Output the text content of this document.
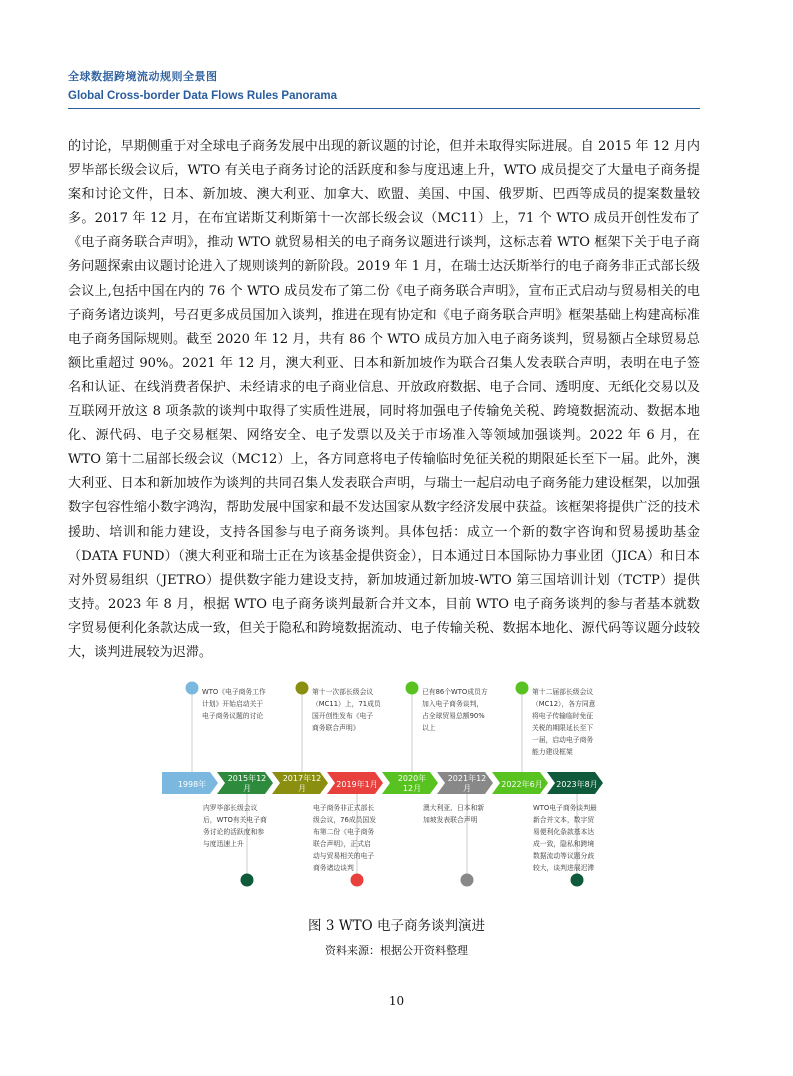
全球数据跨境流动规则全景图
Global Cross-border Data Flows Rules Panorama

的讨论，早期侧重于对全球电子商务发展中出现的新议题的讨论，但并未取得实际进展。自 2015 年 12 月内罗毕部长级会议后，WTO 有关电子商务讨论的活跃度和参与度迅速上升，WTO 成员提交了大量电子商务提案和讨论文件，日本、新加坡、澳大利亚、加拿大、欧盟、美国、中国、俄罗斯、巴西等成员的提案数量较多。2017 年 12 月，在布宜诺斯艾利斯第十一次部长级会议（MC11）上，71 个 WTO 成员开创性发布了《电子商务联合声明》，推动 WTO 就贸易相关的电子商务议题进行谈判，这标志着 WTO 框架下关于电子商务问题探索由议题讨论进入了规则谈判的新阶段。2019 年 1 月，在瑞士达沃斯举行的电子商务非正式部长级会议上,包括中国在内的 76 个 WTO 成员发布了第二份《电子商务联合声明》，宣布正式启动与贸易相关的电子商务诸边谈判，号召更多成员国加入谈判，推进在现有协定和《电子商务联合声明》框架基础上构建高标准电子商务国际规则。截至 2020 年 12 月，共有 86 个 WTO 成员方加入电子商务谈判，贸易额占全球贸易总额比重超过 90%。2021 年 12 月，澳大利亚、日本和新加坡作为联合召集人发表联合声明，表明在电子签名和认证、在线消费者保护、未经请求的电子商业信息、开放政府数据、电子合同、透明度、无纸化交易以及互联网开放这 8 项条款的谈判中取得了实质性进展，同时将加强电子传输免关税、跨境数据流动、数据本地化、源代码、电子交易框架、网络安全、电子发票以及关于市场准入等领域加强谈判。2022 年 6 月，在 WTO 第十二届部长级会议（MC12）上，各方同意将电子传输临时免征关税的期限延长至下一届。此外，澳大利亚、日本和新加坡作为谈判的共同召集人发表联合声明，与瑞士一起启动电子商务能力建设框架，以加强数字包容性缩小数字鸿沟，帮助发展中国家和最不发达国家从数字经济发展中获益。该框架将提供广泛的技术援助、培训和能力建设，支持各国参与电子商务谈判。具体包括：成立一个新的数字咨询和贸易援助基金（DATA FUND）（澳大利亚和瑞士正在为该基金提供资金），日本通过日本国际协力事业团（JICA）和日本对外贸易组织（JETRO）提供数字能力建设支持，新加坡通过新加坡-WTO 第三国培训计划（TCTP）提供支持。2023 年 8 月，根据 WTO 电子商务谈判最新合并文本，目前 WTO 电子商务谈判的参与者基本就数字贸易便利化条款达成一致，但关于隐私和跨境数据流动、电子传输关税、数据本地化、源代码等议题分歧较大，谈判进展较为迟滞。

1998年
WTO《电子商务工作
计划》开始启动关于
电子商务议题的讨论
2015年12
月
内罗毕部长级会议
后，WTO有关电子商
务讨论的活跃度和参
与度迅速上升
2017年12
月
第十一次部长级会议
（MC11）上，71成员
国开创性发布《电子
商务联合声明》
2019年1月
电子商务非正式部长
级会议，76成员国发
布第二份《电子商务
联合声明》，正式启
动与贸易相关的电子
商务诸边谈判
2020年
12月
已有86个WTO成员方
加入电子商务谈判，
占全球贸易总额90%
以上
2021年12
月
澳大利亚、日本和新
加坡发表联合声明
2022年6月
第十二届部长级会议
（MC12），各方同意
将电子传输临时免征
关税的期限延长至下
一届，启动电子商务
能力建设框架
2023年8月
WTO电子商务谈判最
新合并文本，数字贸
易便利化条款基本达
成一致，隐私和跨境
数据流动等议题分歧
较大，谈判进展迟滞
图 3 WTO 电子商务谈判演进
资料来源：根据公开资料整理
10
